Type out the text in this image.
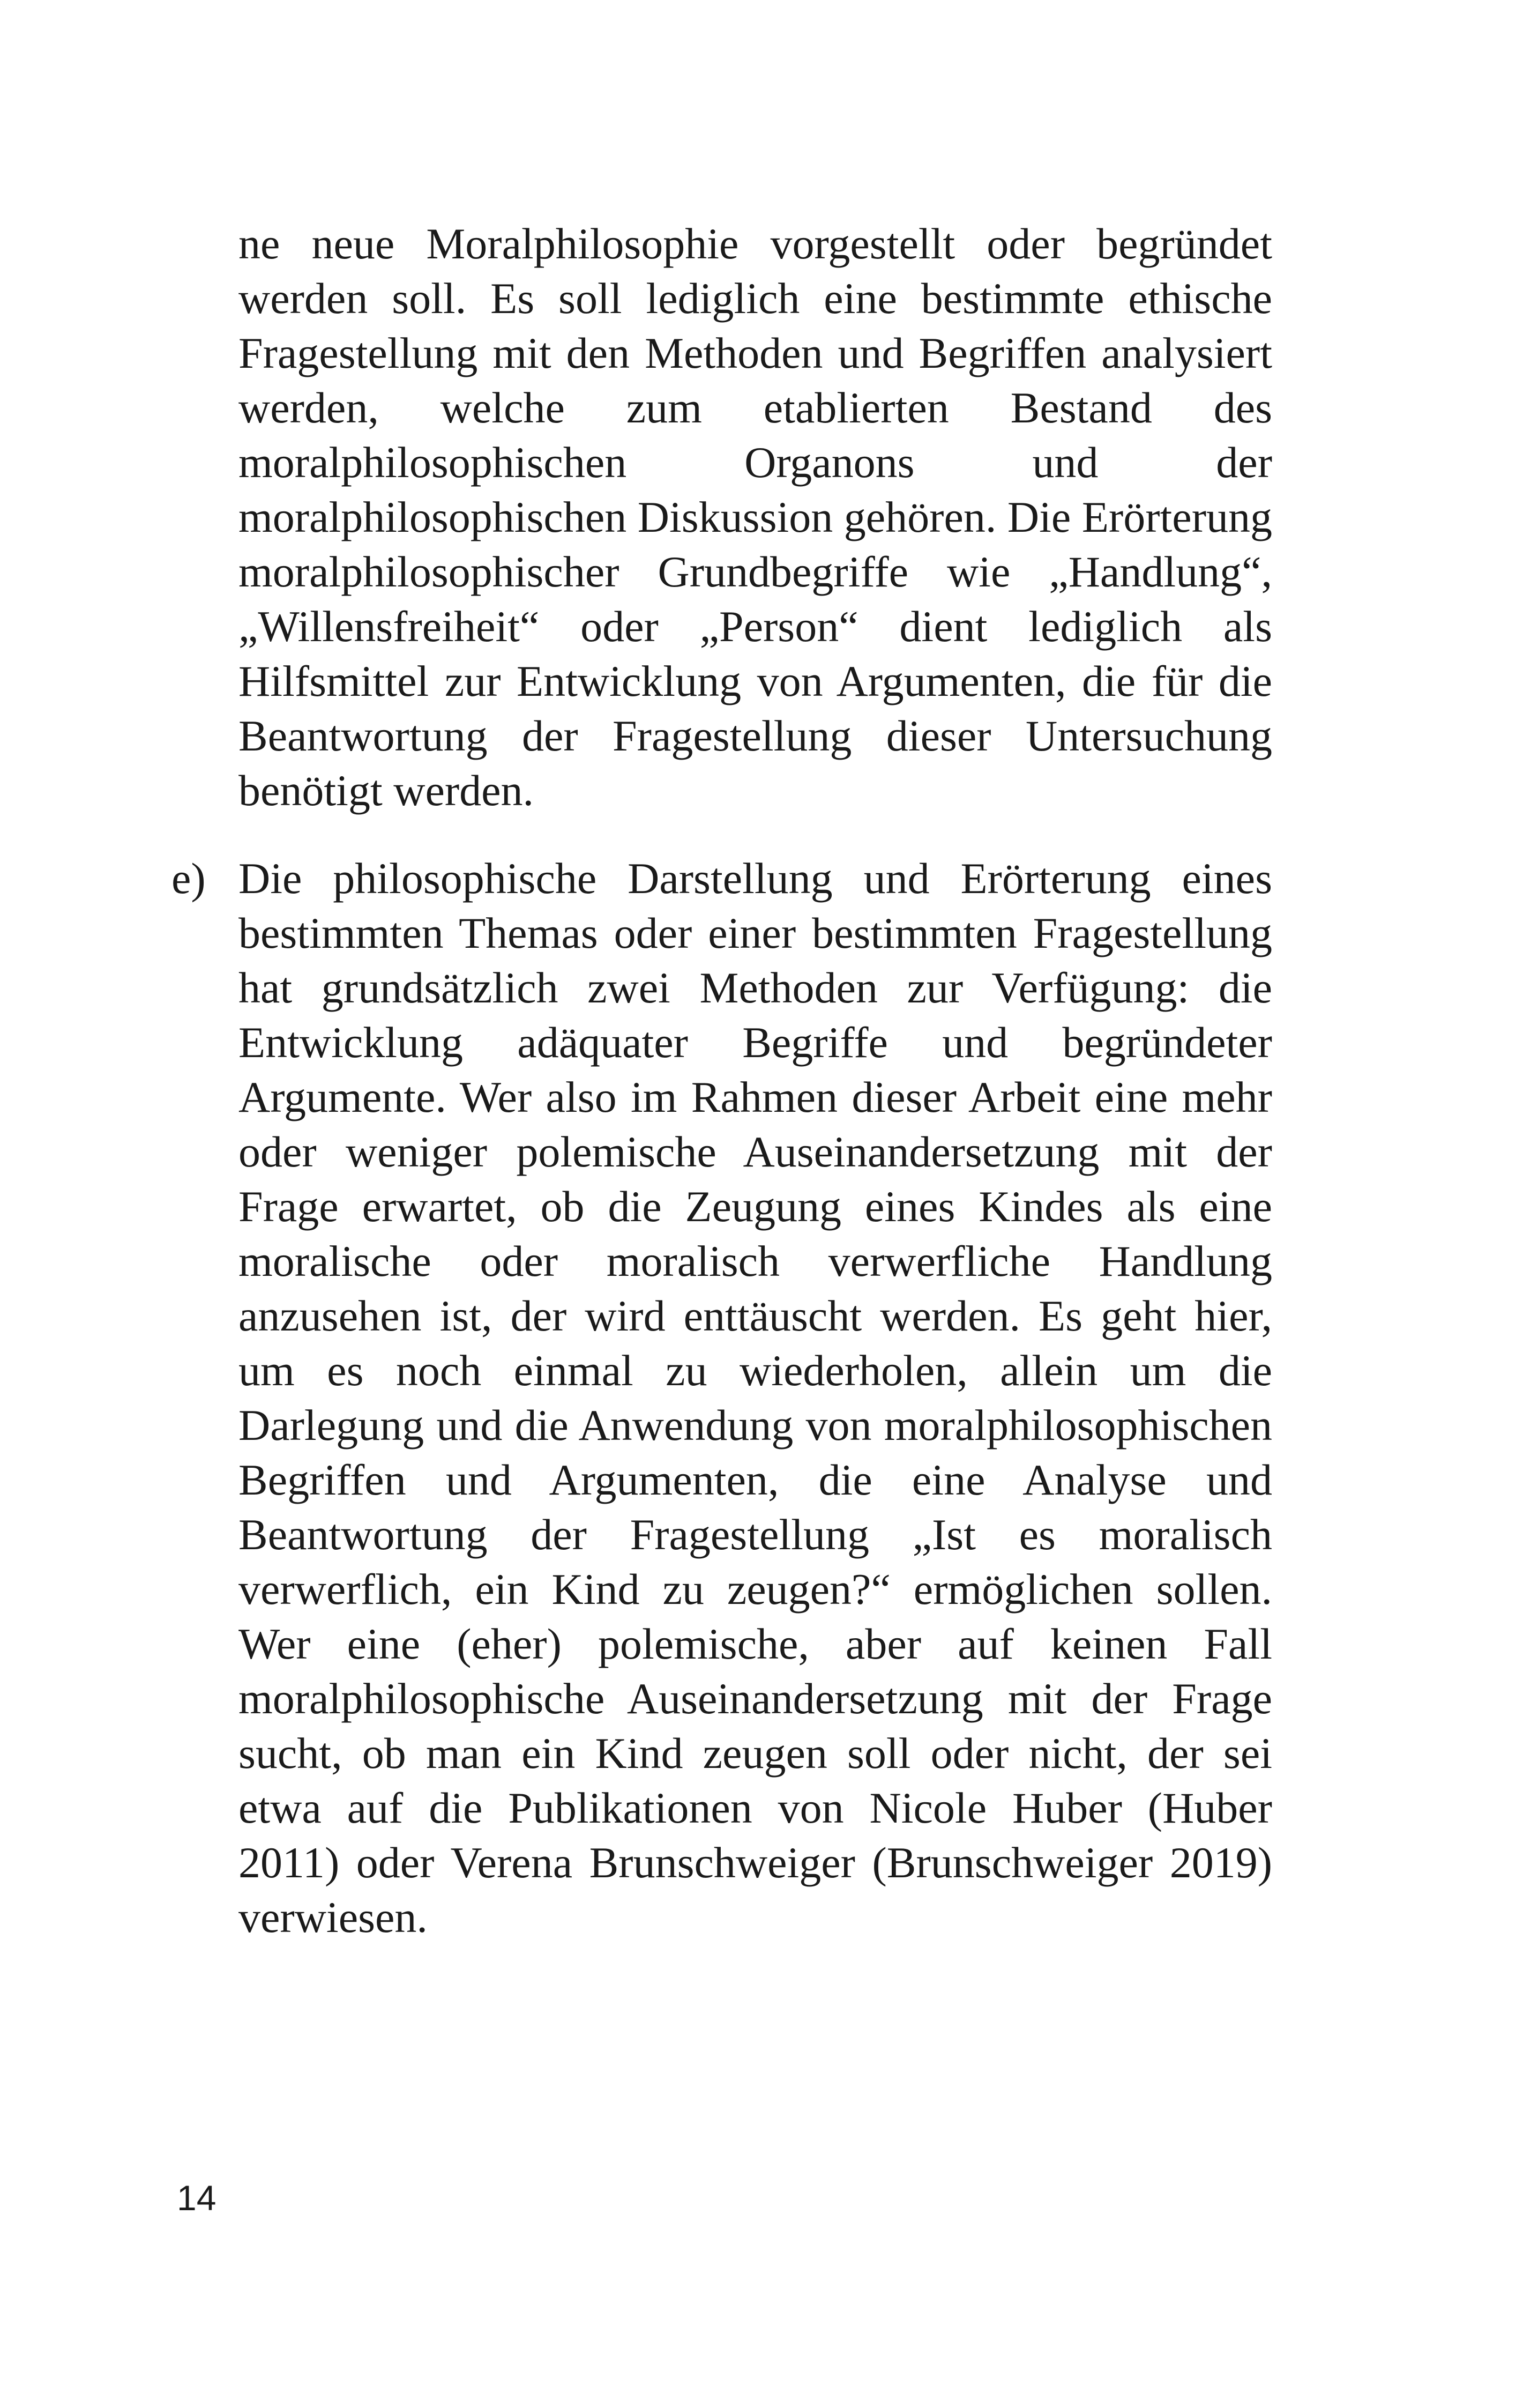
ne neue Moralphilosophie vorgestellt oder begründet werden soll. Es soll lediglich eine bestimmte ethische Fragestellung mit den Methoden und Begriffen analysiert werden, welche zum etablierten Bestand des moralphilosophischen Organons und der moralphilosophischen Diskussion gehören. Die Erörterung moralphilosophischer Grundbegriffe wie „Handlung“, „Willensfreiheit“ oder „Person“ dient lediglich als Hilfsmittel zur Entwicklung von Argumenten, die für die Beantwortung der Fragestellung dieser Untersuchung benötigt werden.

e) Die philosophische Darstellung und Erörterung eines bestimmten Themas oder einer bestimmten Fragestellung hat grundsätzlich zwei Methoden zur Verfügung: die Entwicklung adäquater Begriffe und begründeter Argumente. Wer also im Rahmen dieser Arbeit eine mehr oder weniger polemische Auseinandersetzung mit der Frage erwartet, ob die Zeugung eines Kindes als eine moralische oder moralisch verwerfliche Handlung anzusehen ist, der wird enttäuscht werden. Es geht hier, um es noch einmal zu wiederholen, allein um die Darlegung und die Anwendung von moralphilosophischen Begriffen und Argumenten, die eine Analyse und Beantwortung der Fragestellung „Ist es moralisch verwerflich, ein Kind zu zeugen?“ ermöglichen sollen. Wer eine (eher) polemische, aber auf keinen Fall moralphilosophische Auseinandersetzung mit der Frage sucht, ob man ein Kind zeugen soll oder nicht, der sei etwa auf die Publikationen von Nicole Huber (Huber 2011) oder Verena Brunschweiger (Brunschweiger 2019) verwiesen.
14
